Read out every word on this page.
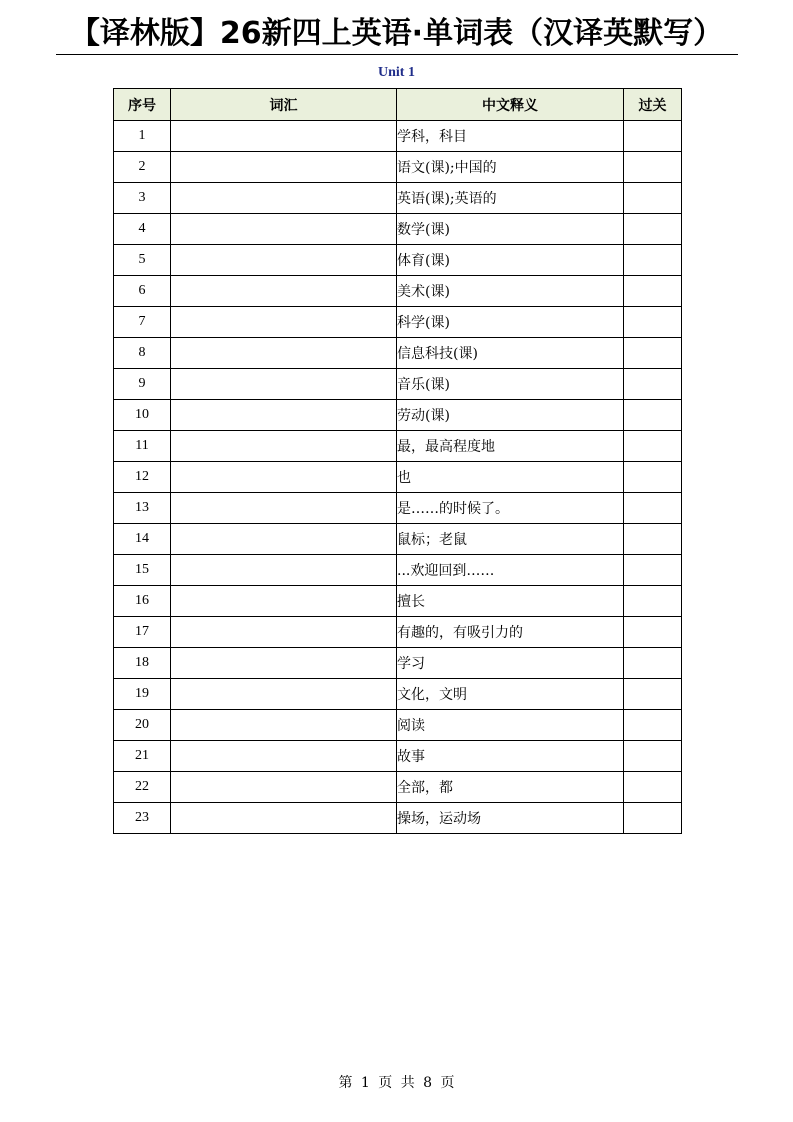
【译林版】26新四上英语·单词表（汉译英默写）
Unit 1
序号	词汇	中文释义	过关
1		学科，科目	
2		语文(课);中国的	
3		英语(课);英语的	
4		数学(课)	
5		体育(课)	
6		美术(课)	
7		科学(课)	
8		信息科技(课)	
9		音乐(课)	
10		劳动(课)	
11		最，最高程度地	
12		也	
13		是……的时候了。	
14		鼠标；老鼠	
15		...欢迎回到……	
16		擅长	
17		有趣的，有吸引力的	
18		学习	
19		文化，文明	
20		阅读	
21		故事	
22		全部，都	
23		操场，运动场	
第 1 页 共 8 页
